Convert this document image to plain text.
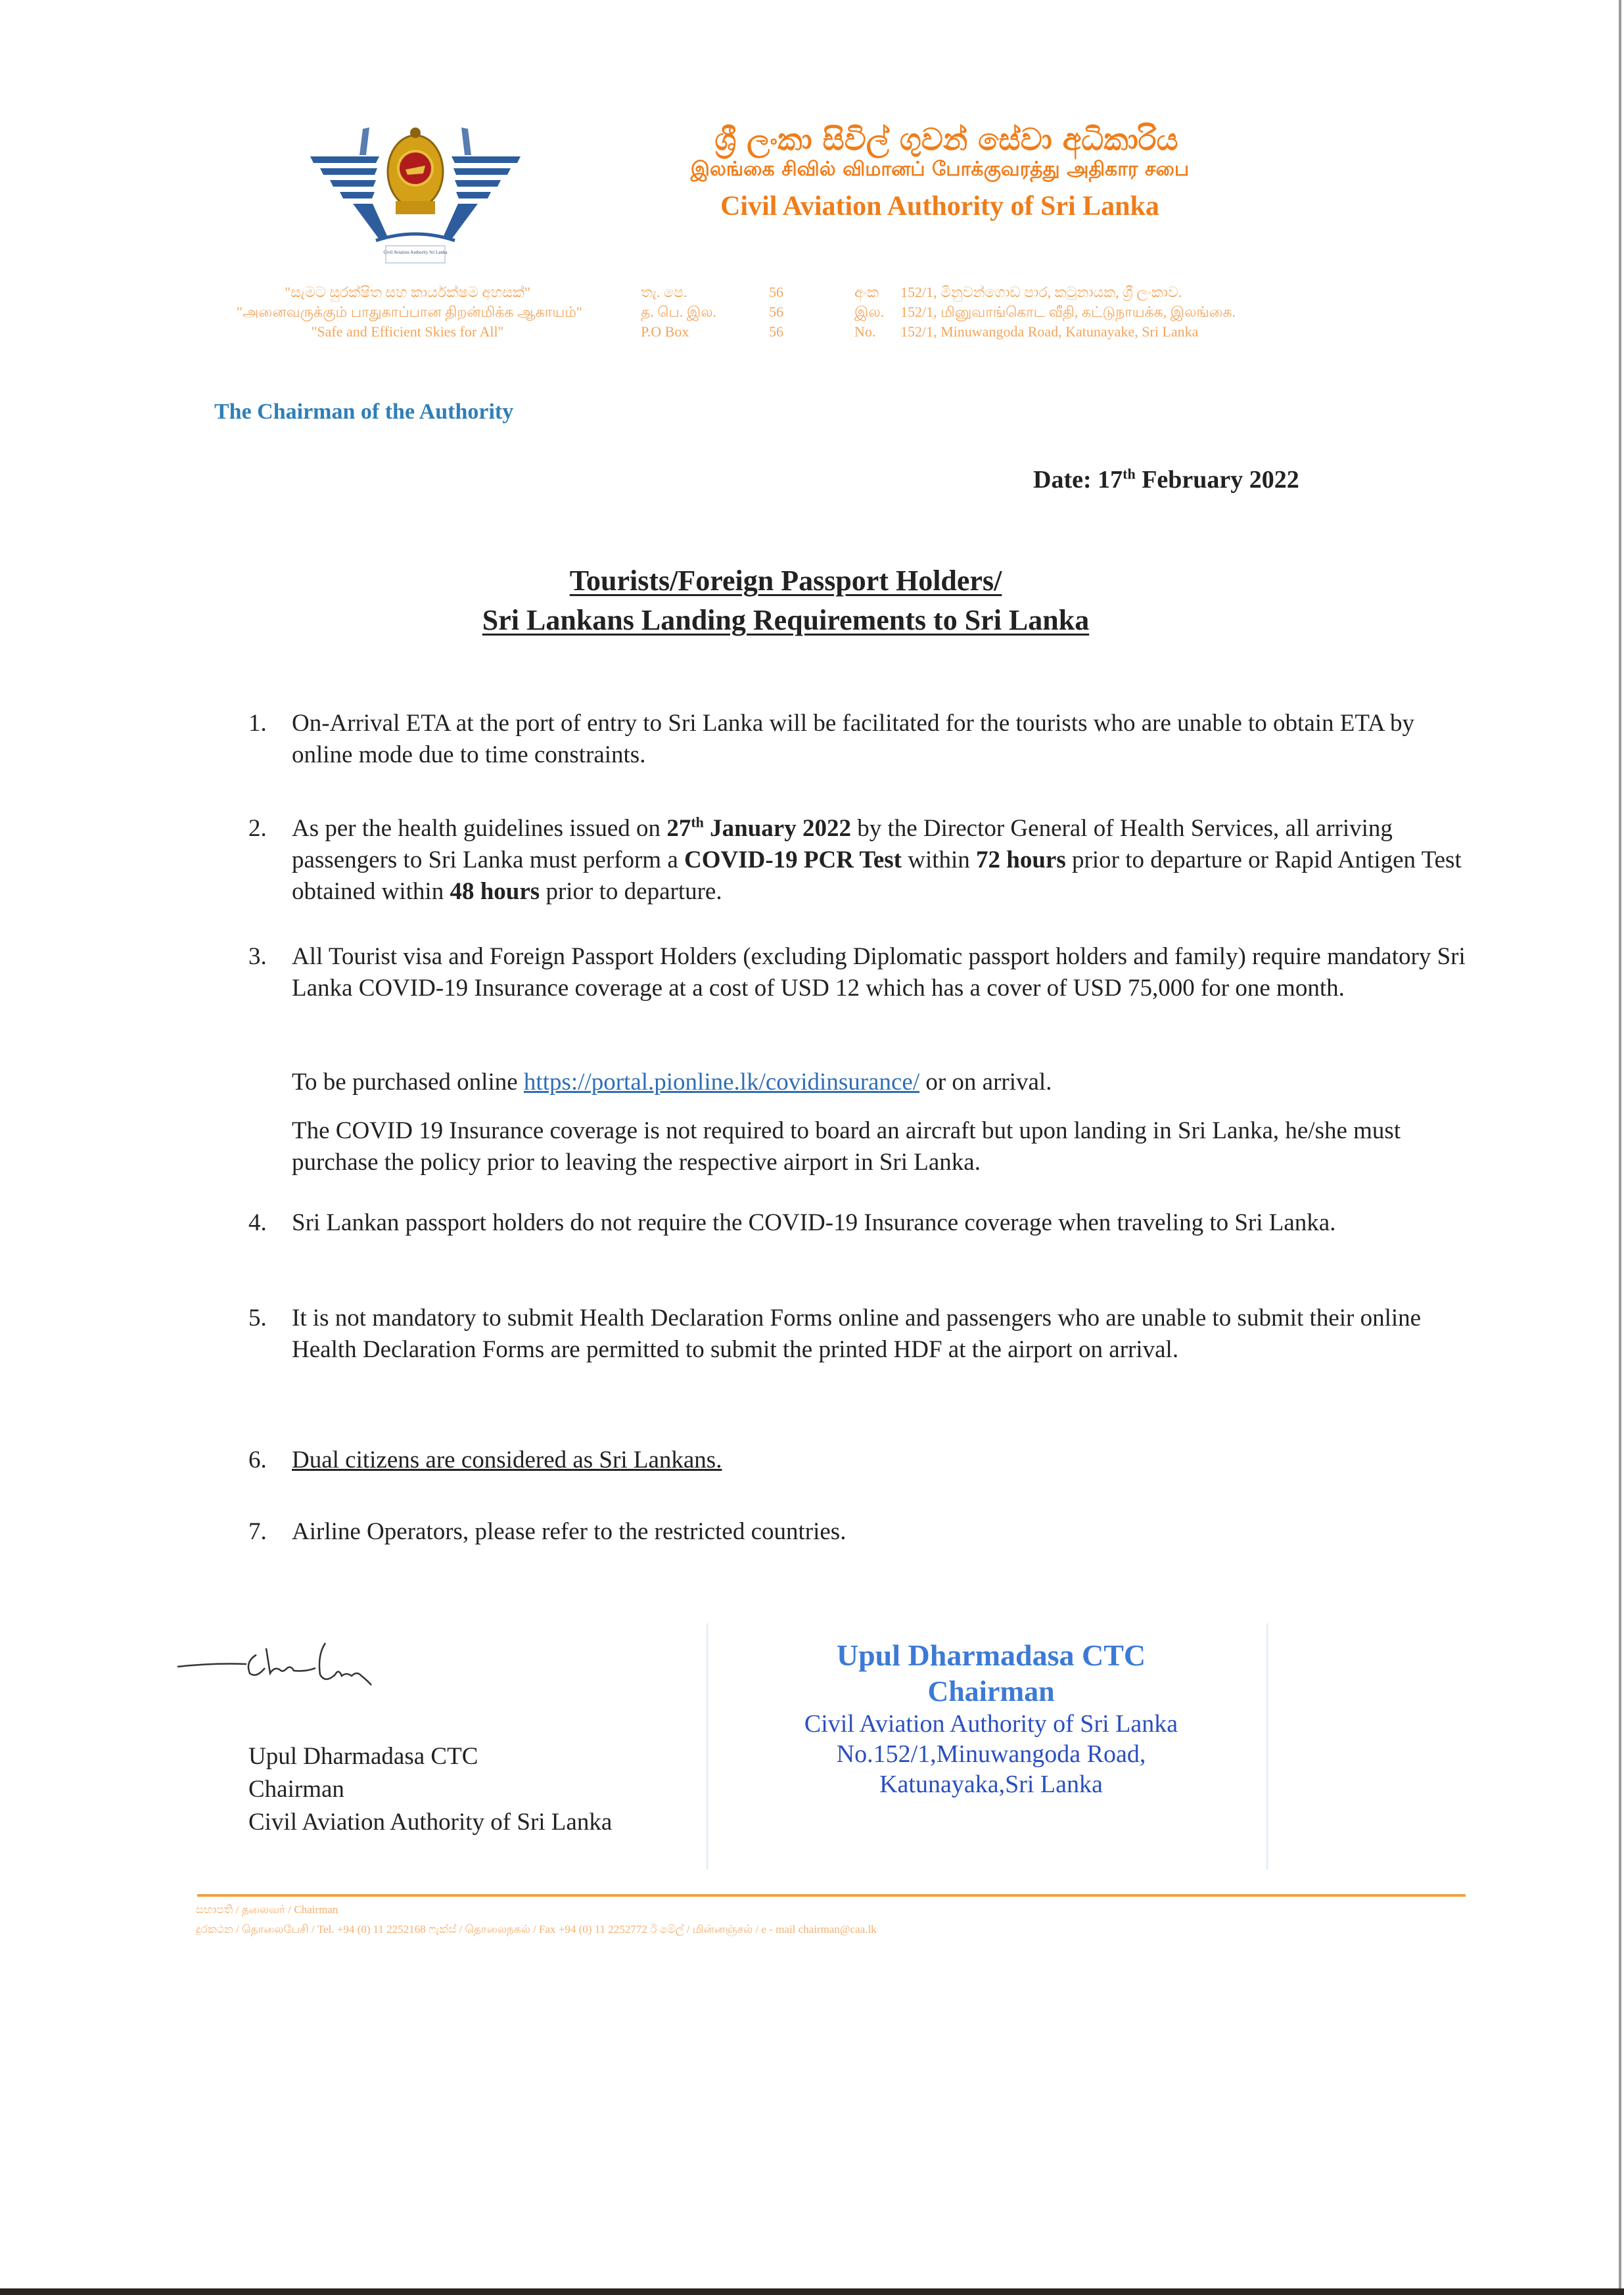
Civil Aviation Authority Sri Lanka
ශ්‍රී ලංකා සිවිල් ගුවන් සේවා අධිකාරිය
இலங்கை சிவில் விமானப் போக்குவரத்து அதிகார சபை
Civil Aviation Authority of Sri Lanka
"සැමට සුරක්ෂිත සහ කාර්යක්ෂම අහසක්"
"அனைவருக்கும் பாதுகாப்பான திறன்மிக்க ஆகாயம்"
"Safe and Efficient Skies for All"
තැ. පෙ.	56
த. பெ. இல.	56
P.O Box	56
අංක 152/1, මිනුවන්ගොඩ පාර, කටුනායක, ශ්‍රී ලංකාව.
இல. 152/1, மினுவாங்கொட வீதி, கட்டுநாயக்க, இலங்கை.
No. 152/1, Minuwangoda Road, Katunayake, Sri Lanka
The Chairman of the Authority
Date: 17th February 2022
Tourists/Foreign Passport Holders/
Sri Lankans Landing Requirements to Sri Lanka
1. On-Arrival ETA at the port of entry to Sri Lanka will be facilitated for the tourists who are unable to obtain ETA by online mode due to time constraints.
2. As per the health guidelines issued on 27th January 2022 by the Director General of Health Services, all arriving passengers to Sri Lanka must perform a COVID-19 PCR Test within 72 hours prior to departure or Rapid Antigen Test obtained within 48 hours prior to departure.
3. All Tourist visa and Foreign Passport Holders (excluding Diplomatic passport holders and family) require mandatory Sri Lanka COVID-19 Insurance coverage at a cost of USD 12 which has a cover of USD 75,000 for one month.
To be purchased online https://portal.pionline.lk/covidinsurance/ or on arrival.
The COVID 19 Insurance coverage is not required to board an aircraft but upon landing in Sri Lanka, he/she must purchase the policy prior to leaving the respective airport in Sri Lanka.
4. Sri Lankan passport holders do not require the COVID-19 Insurance coverage when traveling to Sri Lanka.
5. It is not mandatory to submit Health Declaration Forms online and passengers who are unable to submit their online Health Declaration Forms are permitted to submit the printed HDF at the airport on arrival.
6. Dual citizens are considered as Sri Lankans.
7. Airline Operators, please refer to the restricted countries.
Upul Dharmadasa CTC
Chairman
Civil Aviation Authority of Sri Lanka
Upul Dharmadasa CTC
Chairman
Civil Aviation Authority of Sri Lanka
No.152/1,Minuwangoda Road,
Katunayaka,Sri Lanka
සභාපති / தலைவர் / Chairman
දුරකථන / தொலைபேசி / Tel. +94 (0) 11 2252168 ෆැක්ස් / தொலைநகல் / Fax +94 (0) 11 2252772 ඊ මේල් / மின்னஞ்சல் / e - mail chairman@caa.lk
